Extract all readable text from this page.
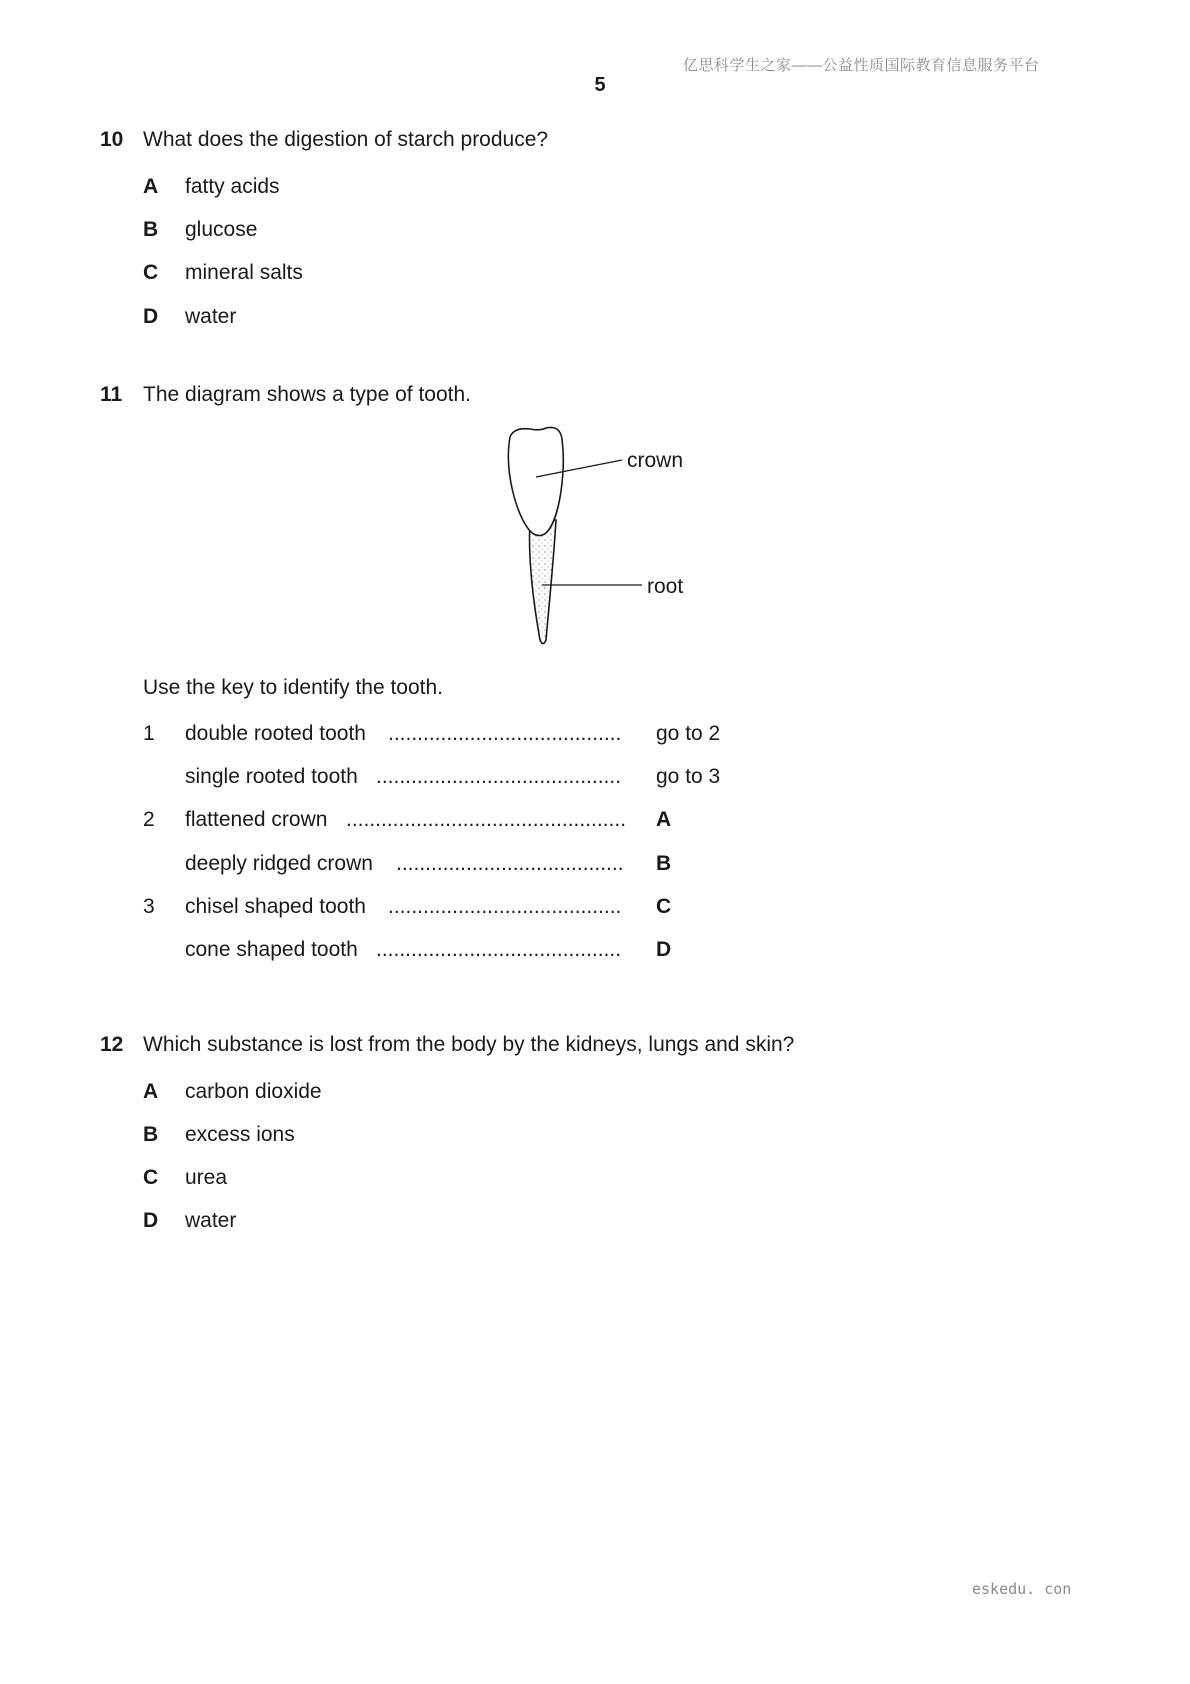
亿思科学生之家——公益性质国际教育信息服务平台
5
10 What does the digestion of starch produce?
A fatty acids
B glucose
C mineral salts
D water
11 The diagram shows a type of tooth.
crown
root
Use the key to identify the tooth.
1 double rooted tooth ........................................ go to 2
single rooted tooth .......................................... go to 3
2 flattened crown ................................................ A
deeply ridged crown ....................................... B
3 chisel shaped tooth ........................................ C
cone shaped tooth .......................................... D
12 Which substance is lost from the body by the kidneys, lungs and skin?
A carbon dioxide
B excess ions
C urea
D water
eskedu. con
